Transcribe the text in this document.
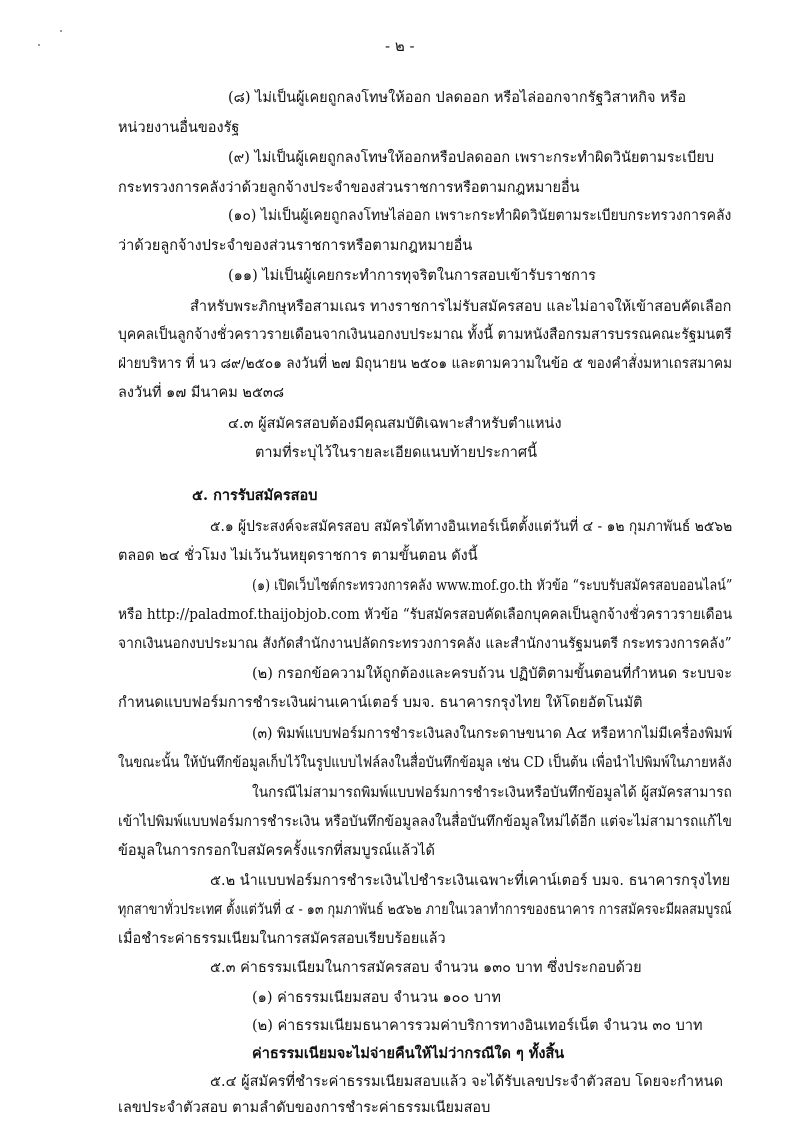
- ๒ -
(๘) ไม่เป็นผู้เคยถูกลงโทษให้ออก ปลดออก หรือไล่ออกจากรัฐวิสาหกิจ หรือ
หน่วยงานอื่นของรัฐ
(๙) ไม่เป็นผู้เคยถูกลงโทษให้ออกหรือปลดออก เพราะกระทำผิดวินัยตามระเบียบ
กระทรวงการคลังว่าด้วยลูกจ้างประจำของส่วนราชการหรือตามกฎหมายอื่น
(๑๐) ไม่เป็นผู้เคยถูกลงโทษไล่ออก เพราะกระทำผิดวินัยตามระเบียบกระทรวงการคลัง
ว่าด้วยลูกจ้างประจำของส่วนราชการหรือตามกฎหมายอื่น
(๑๑) ไม่เป็นผู้เคยกระทำการทุจริตในการสอบเข้ารับราชการ
สำหรับพระภิกษุหรือสามเณร ทางราชการไม่รับสมัครสอบ และไม่อาจให้เข้าสอบคัดเลือก
บุคคลเป็นลูกจ้างชั่วคราวรายเดือนจากเงินนอกงบประมาณ ทั้งนี้ ตามหนังสือกรมสารบรรณคณะรัฐมนตรี
ฝ่ายบริหาร ที่ นว ๘๙/๒๕๐๑ ลงวันที่ ๒๗ มิถุนายน ๒๕๐๑ และตามความในข้อ ๕ ของคำสั่งมหาเถรสมาคม
ลงวันที่ ๑๗ มีนาคม ๒๕๓๘
๔.๓ ผู้สมัครสอบต้องมีคุณสมบัติเฉพาะสำหรับตำแหน่ง
ตามที่ระบุไว้ในรายละเอียดแนบท้ายประกาศนี้
๕. การรับสมัครสอบ
๕.๑ ผู้ประสงค์จะสมัครสอบ สมัครได้ทางอินเทอร์เน็ตตั้งแต่วันที่ ๔ - ๑๒ กุมภาพันธ์ ๒๕๖๒
ตลอด ๒๔ ชั่วโมง ไม่เว้นวันหยุดราชการ ตามขั้นตอน ดังนี้
(๑) เปิดเว็บไซต์กระทรวงการคลัง www.mof.go.th หัวข้อ “ระบบรับสมัครสอบออนไลน์”
หรือ http://paladmof.thaijobjob.com หัวข้อ “รับสมัครสอบคัดเลือกบุคคลเป็นลูกจ้างชั่วคราวรายเดือน
จากเงินนอกงบประมาณ สังกัดสำนักงานปลัดกระทรวงการคลัง และสำนักงานรัฐมนตรี กระทรวงการคลัง”
(๒) กรอกข้อความให้ถูกต้องและครบถ้วน ปฏิบัติตามขั้นตอนที่กำหนด ระบบจะ
กำหนดแบบฟอร์มการชำระเงินผ่านเคาน์เตอร์ บมจ. ธนาคารกรุงไทย ให้โดยอัตโนมัติ
(๓) พิมพ์แบบฟอร์มการชำระเงินลงในกระดาษขนาด A๔ หรือหากไม่มีเครื่องพิมพ์
ในขณะนั้น ให้บันทึกข้อมูลเก็บไว้ในรูปแบบไฟล์ลงในสื่อบันทึกข้อมูล เช่น CD เป็นต้น เพื่อนำไปพิมพ์ในภายหลัง
ในกรณีไม่สามารถพิมพ์แบบฟอร์มการชำระเงินหรือบันทึกข้อมูลได้ ผู้สมัครสามารถ
เข้าไปพิมพ์แบบฟอร์มการชำระเงิน หรือบันทึกข้อมูลลงในสื่อบันทึกข้อมูลใหม่ได้อีก แต่จะไม่สามารถแก้ไข
ข้อมูลในการกรอกใบสมัครครั้งแรกที่สมบูรณ์แล้วได้
๕.๒ นำแบบฟอร์มการชำระเงินไปชำระเงินเฉพาะที่เคาน์เตอร์ บมจ. ธนาคารกรุงไทย
ทุกสาขาทั่วประเทศ ตั้งแต่วันที่ ๔ - ๑๓ กุมภาพันธ์ ๒๕๖๒ ภายในเวลาทำการของธนาคาร การสมัครจะมีผลสมบูรณ์
เมื่อชำระค่าธรรมเนียมในการสมัครสอบเรียบร้อยแล้ว
๕.๓ ค่าธรรมเนียมในการสมัครสอบ จำนวน ๑๓๐ บาท ซึ่งประกอบด้วย
(๑) ค่าธรรมเนียมสอบ จำนวน ๑๐๐ บาท
(๒) ค่าธรรมเนียมธนาคารรวมค่าบริการทางอินเทอร์เน็ต จำนวน ๓๐ บาท
ค่าธรรมเนียมจะไม่จ่ายคืนให้ไม่ว่ากรณีใด ๆ ทั้งสิ้น
๕.๔ ผู้สมัครที่ชำระค่าธรรมเนียมสอบแล้ว จะได้รับเลขประจำตัวสอบ โดยจะกำหนด
เลขประจำตัวสอบ ตามลำดับของการชำระค่าธรรมเนียมสอบ
